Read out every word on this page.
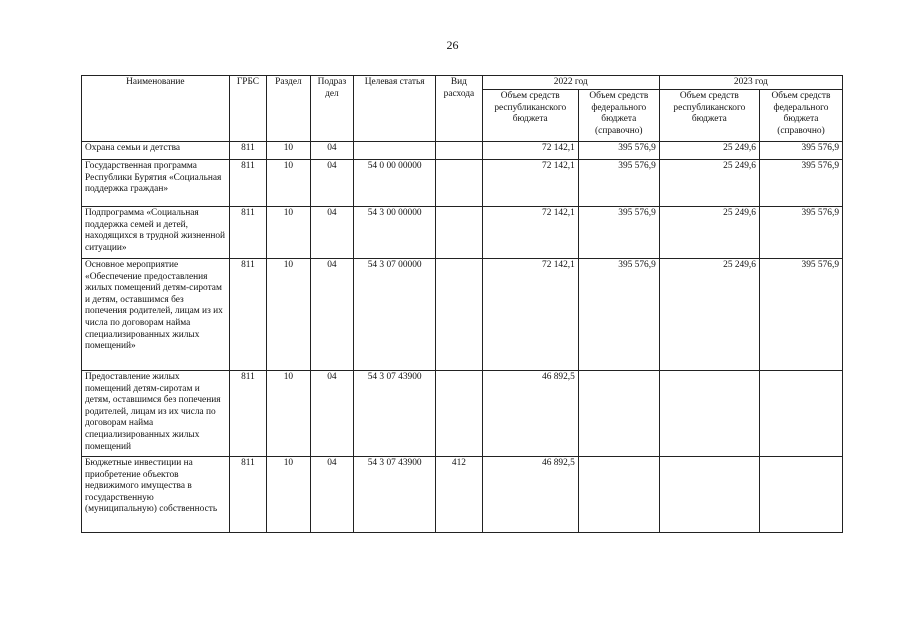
26
Наименование	ГРБС	Раздел	Подраз дел	Целевая статья	Вид расхода	2022 год		2023 год	
						Объем средств республиканского бюджета	Объем средств федерального бюджета (справочно)	Объем средств республиканского бюджета	Объем средств федерального бюджета (справочно)
Охрана семьи и детства	811	10	04			72 142,1	395 576,9	25 249,6	395 576,9
Государственная программа Республики Бурятия «Социальная поддержка граждан»	811	10	04	54 0 00 00000		72 142,1	395 576,9	25 249,6	395 576,9
Подпрограмма «Социальная поддержка семей и детей, находящихся в трудной жизненной ситуации»	811	10	04	54 3 00 00000		72 142,1	395 576,9	25 249,6	395 576,9
Основное мероприятие «Обеспечение предоставления жилых помещений детям-сиротам и детям, оставшимся без попечения родителей, лицам из их числа по договорам найма специализированных жилых помещений»	811	10	04	54 3 07 00000		72 142,1	395 576,9	25 249,6	395 576,9
Предоставление жилых помещений детям-сиротам и детям, оставшимся без попечения родителей, лицам из их числа по договорам найма специализированных жилых помещений	811	10	04	54 3 07 43900		46 892,5			
Бюджетные инвестиции на приобретение объектов недвижимого имущества в государственную (муниципальную) собственность	811	10	04	54 3 07 43900	412	46 892,5			
